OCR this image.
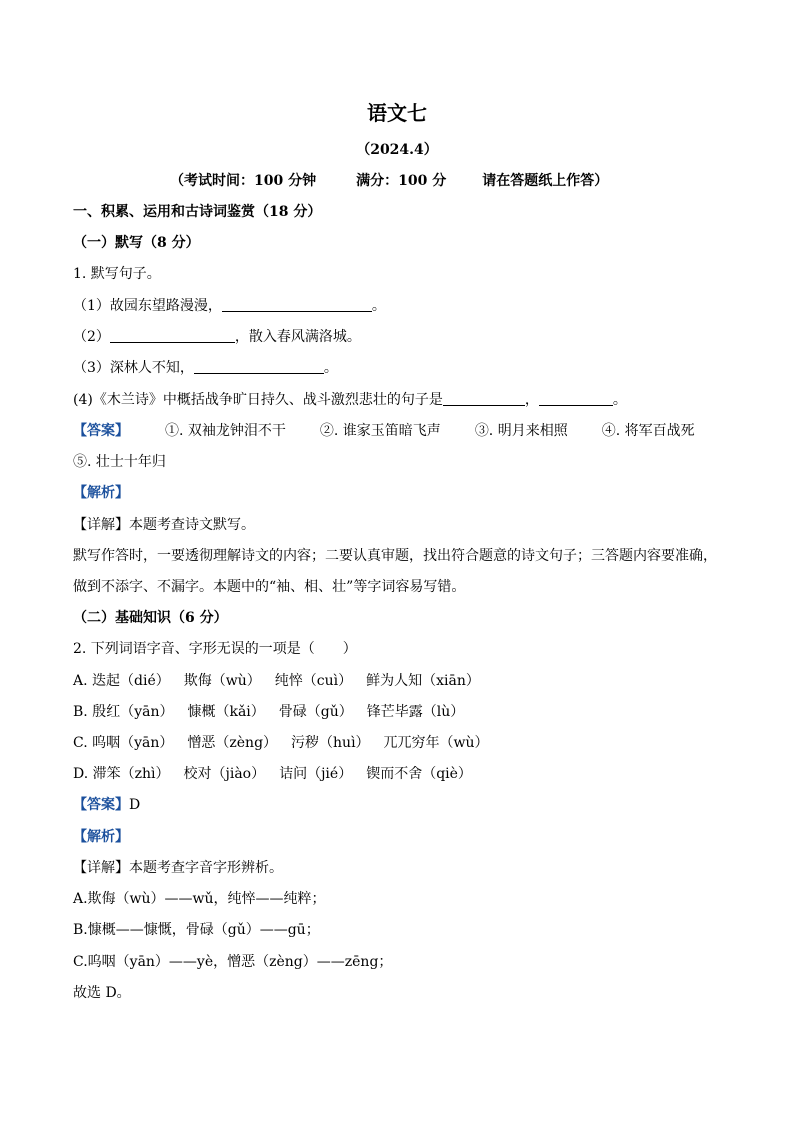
语文七
（2024.4）
（考试时间：100 分钟	满分：100 分	请在答题纸上作答）
一、积累、运用和古诗词鉴赏（18 分）
（一）默写（8 分）
1. 默写句子。
（1）故园东望路漫漫，	。
（2）	，散入春风满洛城。
（3）深林人不知，	。
(4)《木兰诗》中概括战争旷日持久、战斗激烈悲壮的句子是	，	。
【答案】	①. 双袖龙钟泪不干 ②. 谁家玉笛暗飞声 ③. 明月来相照 ④. 将军百战死
⑤. 壮士十年归
【解析】
【详解】本题考查诗文默写。
默写作答时，一要透彻理解诗文的内容；二要认真审题，找出符合题意的诗文句子；三答题内容要准确，
做到不添字、不漏字。本题中的“袖、相、壮”等字词容易写错。
（二）基础知识（6 分）
2. 下列词语字音、字形无误的一项是（　　）
A. 迭起（dié） 欺侮（wù） 纯悴（cuì） 鲜为人知（xiān）
B. 殷红（yān） 慷概（kǎi） 骨碌（gǔ） 锋芒毕露（lù）
C. 呜咽（yān） 憎恶（zèng） 污秽（huì） 兀兀穷年（wù）
D. 滞笨（zhì） 校对（jiào） 诘问（jié） 锲而不舍（qiè）
【答案】D
【解析】
【详解】本题考查字音字形辨析。
A.欺侮（wù）——wǔ，纯悴——纯粹；
B.慷概——慷慨，骨碌（gǔ）——gū；
C.呜咽（yān）——yè，憎恶（zèng）——zēng；
故选 D。
